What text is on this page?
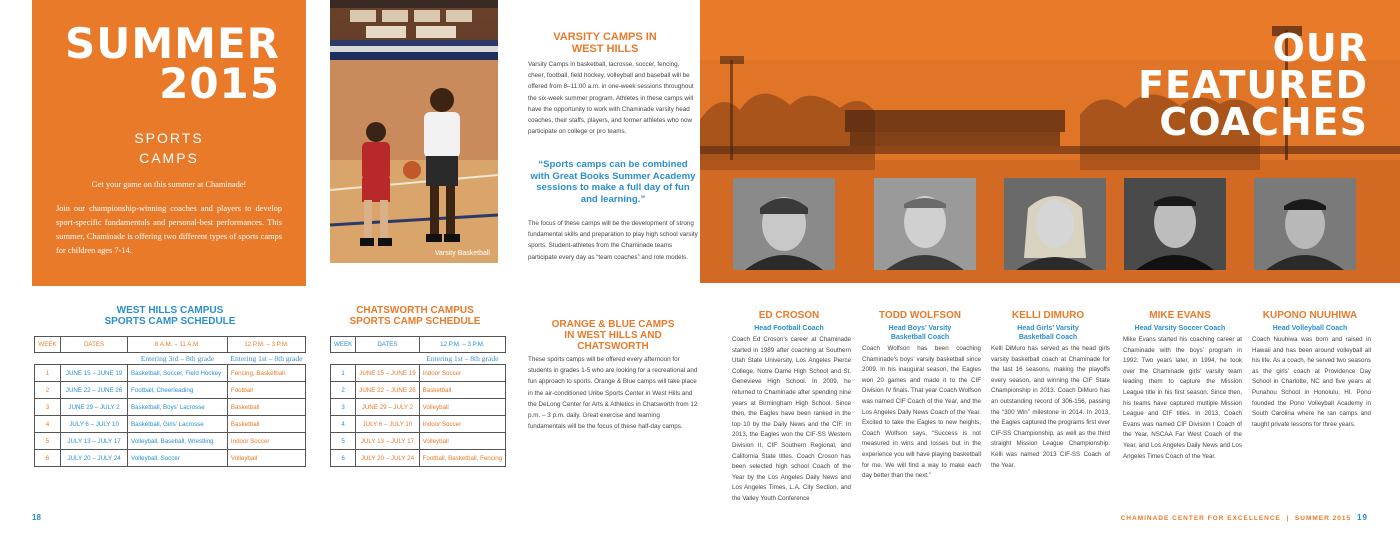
SUMMER
2015
SPORTS
CAMPS
Get your game on this summer at Chaminade!
Join our championship-winning coaches and players to develop sport-specific fundamentals and personal-best performances. This summer, Chaminade is offering two different types of sports camps for children ages 7-14.	Varsity Basketball
VARSITY CAMPS IN
WEST HILLS
Varsity Camps in basketball, lacrosse, soccer, fencing, cheer, football, field hockey, volleyball and baseball will be offered from 8–11:00 a.m. in one-week sessions throughout the six-week summer program. Athletes in these camps will have the opportunity to work with Chaminade varsity head coaches, their staffs, players, and former athletes who now participate on college or pro teams.
“Sports camps can be combined with Great Books Summer Academy sessions to make a full day of fun and learning.”
The focus of these camps will be the development of strong fundamental skills and preparation to play high school varsity sports. Student-athletes from the Chaminade teams participate every day as “team coaches” and role models.
OUR
FEATURED
COACHES
WEST HILLS CAMPUS
SPORTS CAMP SCHEDULE
WEEK	DATES	8 A.M. – 11 A.M.	12 P.M. – 3 P.M.
		Entering 3rd – 8th grade	Entering 1st – 8th grade
1	JUNE 15 – JUNE 19	Basketball, Soccer, Field Hockey	Fencing, Basketball
2	JUNE 22 – JUNE 26	Football, Cheerleading	Football
3	JUNE 29 – JULY 2	Basketball, Boys’ Lacrosse	Basketball
4	JULY 6 – JULY 10	Basketball, Girls’ Lacrosse	Basketball
5	JULY 13 – JULY 17	Volleyball, Baseball, Wrestling	Indoor Soccer
6	JULY 20 – JULY 24	Volleyball, Soccer	Volleyball
CHATSWORTH CAMPUS
SPORTS CAMP SCHEDULE
WEEK	DATES	12 P.M. – 3 P.M.
		Entering 1st – 8th grade
1	JUNE 15 – JUNE 19	Indoor Soccer
2	JUNE 22 – JUNE 26	Basketball
3	JUNE 29 – JULY 2	Volleyball
4	JULY 6 – JULY 10	Indoor Soccer
5	JULY 13 – JULY 17	Volleyball
6	JULY 20 – JULY 24	Football, Basketball, Fencing
ORANGE & BLUE CAMPS
IN WEST HILLS AND
CHATSWORTH
These sports camps will be offered every afternoon for students in grades 1-5 who are looking for a recreational and fun approach to sports. Orange & Blue camps will take place in the air-conditioned Uribe Sports Center in West Hills and the DeLong Center for Arts & Athletics in Chatsworth from 12 p.m. – 3 p.m. daily. Great exercise and learning fundamentals will be the focus of these half-day camps.
ED CROSON
Head Football Coach
Coach Ed Croson’s career at Chaminade started in 1989 after coaching at Southern Utah State University, Los Angeles Pierce College, Notre Dame High School and St. Genevieve High School. In 2009, he returned to Chaminade after spending nine years at Birmingham High School. Since then, the Eagles have been ranked in the top 10 by the Daily News and the CIF. In 2013, the Eagles won the CIF-SS Western Division II, CIF Southern Regional, and California State titles. Coach Croson has been selected high school Coach of the Year by the Los Angeles Daily News and Los Angeles Times, L.A. City Section, and the Valley Youth Conference
TODD WOLFSON
Head Boys’ Varsity
Basketball Coach
Coach Wolfson has been coaching Chaminade’s boys’ varsity basketball since 2009. In his inaugural season, the Eagles won 20 games and made it to the CIF Division IV finals. That year Coach Wolfson was named CIF Coach of the Year, and the Los Angeles Daily News Coach of the Year. Excited to take the Eagles to new heights, Coach Wolfson says, “Success is not measured in wins and losses but in the experience you will have playing basketball for me. We will find a way to make each day better than the next.”
KELLI DIMURO
Head Girls’ Varsity
Basketball Coach
Kelli DiMuro has served as the head girls varsity basketball coach at Chaminade for the last 16 seasons, making the playoffs every season, and winning the CIF State Championship in 2013. Coach DiMuro has an outstanding record of 306-156, passing the “300 Win” milestone in 2014. In 2013, the Eagles captured the programs first ever CIF-SS Championship, as well as the third straight Mission League Championship. Kelli was named 2013 CIF-SS Coach of the Year.
MIKE EVANS
Head Varsity Soccer Coach
Mike Evans started his coaching career at Chaminade with the boys’ program in 1992. Two years later, in 1994, he took over the Chaminade girls’ varsity team leading them to capture the Mission League title in his first season. Since then, his teams have captured multiple Mission League and CIF titles. In 2013, Coach Evans was named CIF Division I Coach of the Year, NSCAA Far West Coach of the Year, and Los Angeles Daily News and Los Angeles Times Coach of the Year.
KUPONO NUUHIWA
Head Volleyball Coach
Coach Nuuhiwa was born and raised in Hawaii and has been around volleyball all his life. As a coach, he served two seasons as the girls’ coach at Providence Day School in Charlotte, NC and five years at Punahou School in Honolulu, HI. Pono founded the Pono Volleyball Academy in South Carolina where he ran camps and taught private lessons for three years.
18	CHAMINADE CENTER FOR EXCELLENCE  |  SUMMER 2015 19
